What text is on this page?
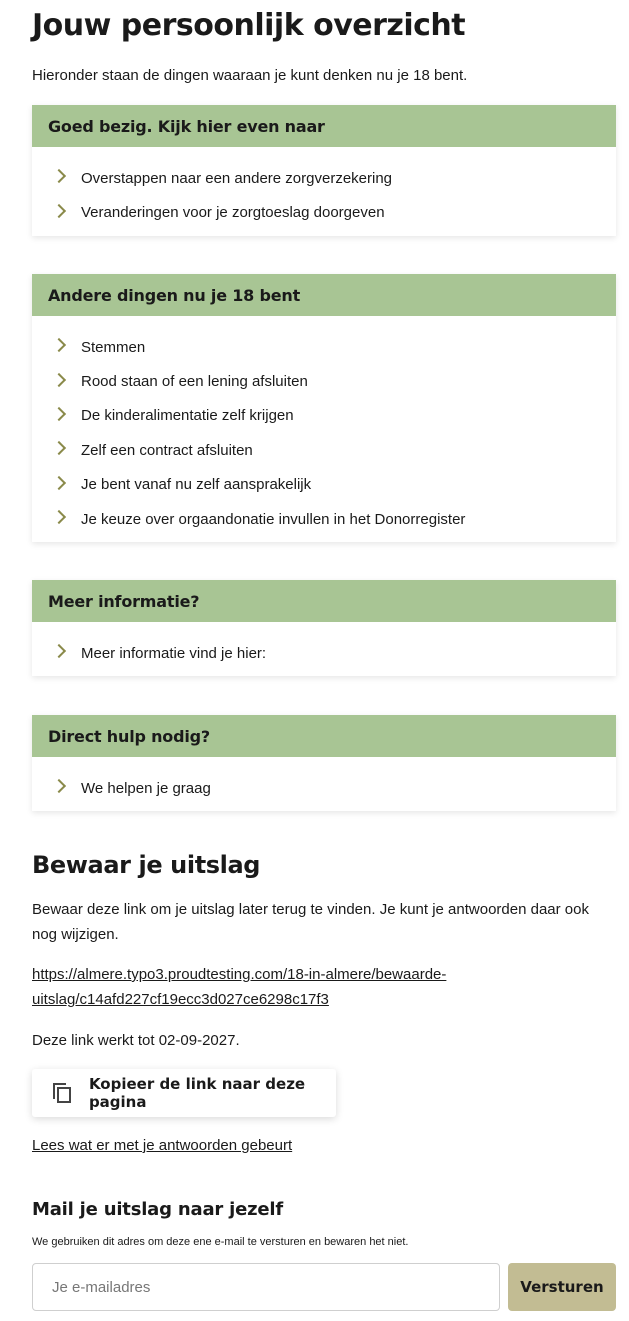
Jouw persoonlijk overzicht

Hieronder staan de dingen waaraan je kunt denken nu je 18 bent.

Goed bezig. Kijk hier even naar
Overstappen naar een andere zorgverzekering
Veranderingen voor je zorgtoeslag doorgeven
Andere dingen nu je 18 bent
Stemmen
Rood staan of een lening afsluiten
De kinderalimentatie zelf krijgen
Zelf een contract afsluiten
Je bent vanaf nu zelf aansprakelijk
Je keuze over orgaandonatie invullen in het Donorregister
Meer informatie?
Meer informatie vind je hier:
Direct hulp nodig?
We helpen je graag
Bewaar je uitslag

Bewaar deze link om je uitslag later terug te vinden. Je kunt je antwoorden daar ook nog wijzigen.

https://almere.typo3.proudtesting.com/18-in-almere/bewaarde-
uitslag/c14afd227cf19ecc3d027ce6298c17f3

Deze link werkt tot 02-09-2027.

Kopieer de link naar deze pagina

Lees wat er met je antwoorden gebeurt

Mail je uitslag naar jezelf

We gebruiken dit adres om deze ene e-mail te versturen en bewaren het niet.

Je e-mailadres
Versturen
